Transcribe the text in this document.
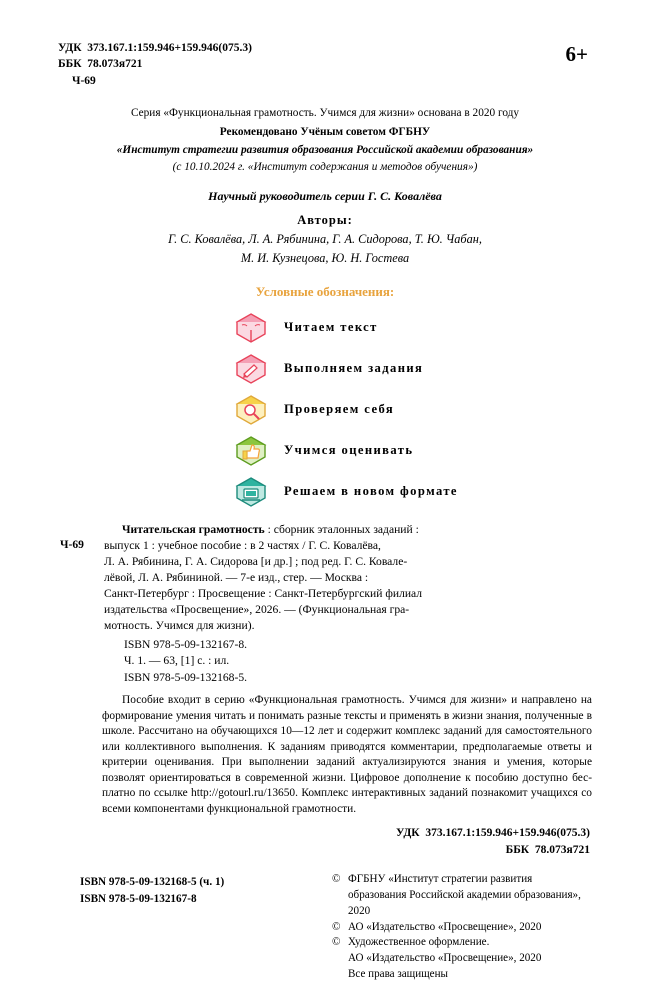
УДК 373.167.1:159.946+159.946(075.3)
ББК 78.073я721
Ч-69
6+
Серия «Функциональная грамотность. Учимся для жизни» основана в 2020 году
Рекомендовано Учёным советом ФГБНУ
«Институт стратегии развития образования Российской академии образования»
(с 10.10.2024 г. «Институт содержания и методов обучения»)
Научный руководитель серии Г. С. Ковалёва
Авторы:
Г. С. Ковалёва, Л. А. Рябинина, Г. А. Сидорова, Т. Ю. Чабан,
М. И. Кузнецова, Ю. Н. Гостева
Условные обозначения:
Читаем текст
Выполняем задания
Проверяем себя
Учимся оценивать
Решаем в новом формате
Ч-69
Читательская грамотность : сборник эталонных заданий :
выпуск 1 : учебное пособие : в 2 частях / Г. С. Ковалёва,
Л. А. Рябинина, Г. А. Сидорова [и др.] ; под ред. Г. С. Ковале-
лёвой, Л. А. Рябининой. — 7-е изд., стер. — Москва :
Санкт-Петербург : Просвещение : Санкт-Петербургский филиал
издательства «Просвещение», 2026. — (Функциональная гра-
мотность. Учимся для жизни).
ISBN 978-5-09-132167-8.
Ч. 1. — 63, [1] с. : ил.
ISBN 978-5-09-132168-5.
Пособие входит в серию «Функциональная грамотность. Учимся для жизни» и направлено на формирование умения читать и понимать разные тексты и применять в жизни знания, полученные в школе. Рассчитано на обучающихся 10—12 лет и содержит комплекс заданий для самостоятельного или коллективного выполнения. К заданиям приводятся комментарии, предполагаемые ответы и критерии оценивания. При выполнении заданий актуализируются знания и умения, которые позволят ориентироваться в современной жизни. Цифровое дополнение к пособию доступно бесплатно по ссылке http://gotourl.ru/13650. Комплекс интерактивных заданий познакомит учащихся со всеми компонентами функциональной грамотности.
УДК 373.167.1:159.946+159.946(075.3)
ББК 78.073я721
ISBN 978-5-09-132168-5 (ч. 1)
ISBN 978-5-09-132167-8
© ФГБНУ «Институт стратегии развития образования Российской академии образования», 2020
© АО «Издательство «Просвещение», 2020
© Художественное оформление.
АО «Издательство «Просвещение», 2020
Все права защищены
